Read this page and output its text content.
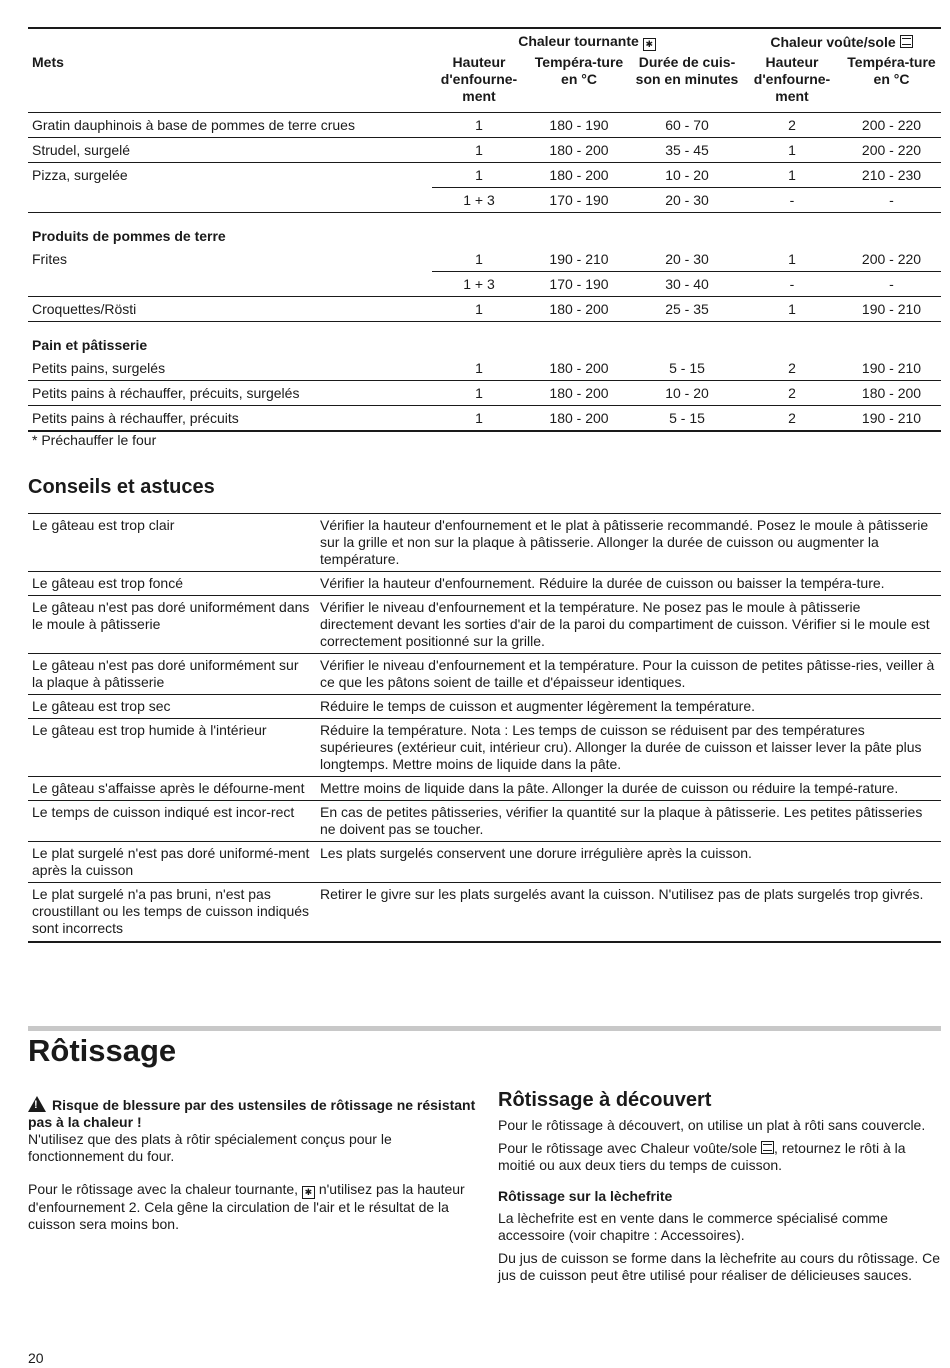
	Chaleur tournante ✱			Chaleur voûte/sole	
Mets	Hauteur d'enfourne-ment	Tempéra-ture en °C	Durée de cuis-son en minutes	Hauteur d'enfourne-ment	Tempéra-ture en °C
Gratin dauphinois à base de pommes de terre crues	1	180 - 190	60 - 70	2	200 - 220
Strudel, surgelé	1	180 - 200	35 - 45	1	200 - 220
Pizza, surgelée	1	180 - 200	10 - 20	1	210 - 230
	1 + 3	170 - 190	20 - 30	-	-
Produits de pommes de terre					
Frites	1	190 - 210	20 - 30	1	200 - 220
	1 + 3	170 - 190	30 - 40	-	-
Croquettes/Rösti	1	180 - 200	25 - 35	1	190 - 210
Pain et pâtisserie					
Petits pains, surgelés	1	180 - 200	5 - 15	2	190 - 210
Petits pains à réchauffer, précuits, surgelés	1	180 - 200	10 - 20	2	180 - 200
Petits pains à réchauffer, précuits	1	180 - 200	5 - 15	2	190 - 210
* Préchauffer le four
Conseils et astuces
Le gâteau est trop clair	Vérifier la hauteur d'enfournement et le plat à pâtisserie recommandé. Posez le moule à pâtisserie sur la grille et non sur la plaque à pâtisserie. Allonger la durée de cuisson ou augmenter la température.
Le gâteau est trop foncé	Vérifier la hauteur d'enfournement. Réduire la durée de cuisson ou baisser la tempéra-ture.
Le gâteau n'est pas doré uniformément dans le moule à pâtisserie	Vérifier le niveau d'enfournement et la température. Ne posez pas le moule à pâtisserie directement devant les sorties d'air de la paroi du compartiment de cuisson. Vérifier si le moule est correctement positionné sur la grille.
Le gâteau n'est pas doré uniformément sur la plaque à pâtisserie	Vérifier le niveau d'enfournement et la température. Pour la cuisson de petites pâtisse-ries, veiller à ce que les pâtons soient de taille et d'épaisseur identiques.
Le gâteau est trop sec	Réduire le temps de cuisson et augmenter légèrement la température.
Le gâteau est trop humide à l'intérieur	Réduire la température. Nota : Les temps de cuisson se réduisent par des températures supérieures (extérieur cuit, intérieur cru). Allonger la durée de cuisson et laisser lever la pâte plus longtemps. Mettre moins de liquide dans la pâte.
Le gâteau s'affaisse après le défourne-ment	Mettre moins de liquide dans la pâte. Allonger la durée de cuisson ou réduire la tempé-rature.
Le temps de cuisson indiqué est incor-rect	En cas de petites pâtisseries, vérifier la quantité sur la plaque à pâtisserie. Les petites pâtisseries ne doivent pas se toucher.
Le plat surgelé n'est pas doré uniformé-ment après la cuisson	Les plats surgelés conservent une dorure irrégulière après la cuisson.
Le plat surgelé n'a pas bruni, n'est pas croustillant ou les temps de cuisson indiqués sont incorrects	Retirer le givre sur les plats surgelés avant la cuisson. N'utilisez pas de plats surgelés trop givrés.
Rôtissage

!Risque de blessure par des ustensiles de rôtissage ne résistant pas à la chaleur !

N'utilisez que des plats à rôtir spécialement conçus pour le fonctionnement du four.

Pour le rôtissage avec la chaleur tournante, ✱ n'utilisez pas la hauteur d'enfournement 2. Cela gêne la circulation de l'air et le résultat de la cuisson sera moins bon.

Rôtissage à découvert

Pour le rôtissage à découvert, on utilise un plat à rôti sans couvercle.

Pour le rôtissage avec Chaleur voûte/sole , retournez le rôti à la moitié ou aux deux tiers du temps de cuisson.

Rôtissage sur la lèchefrite

La lèchefrite est en vente dans le commerce spécialisé comme accessoire (voir chapitre : Accessoires).

Du jus de cuisson se forme dans la lèchefrite au cours du rôtissage. Ce jus de cuisson peut être utilisé pour réaliser de délicieuses sauces.

20
